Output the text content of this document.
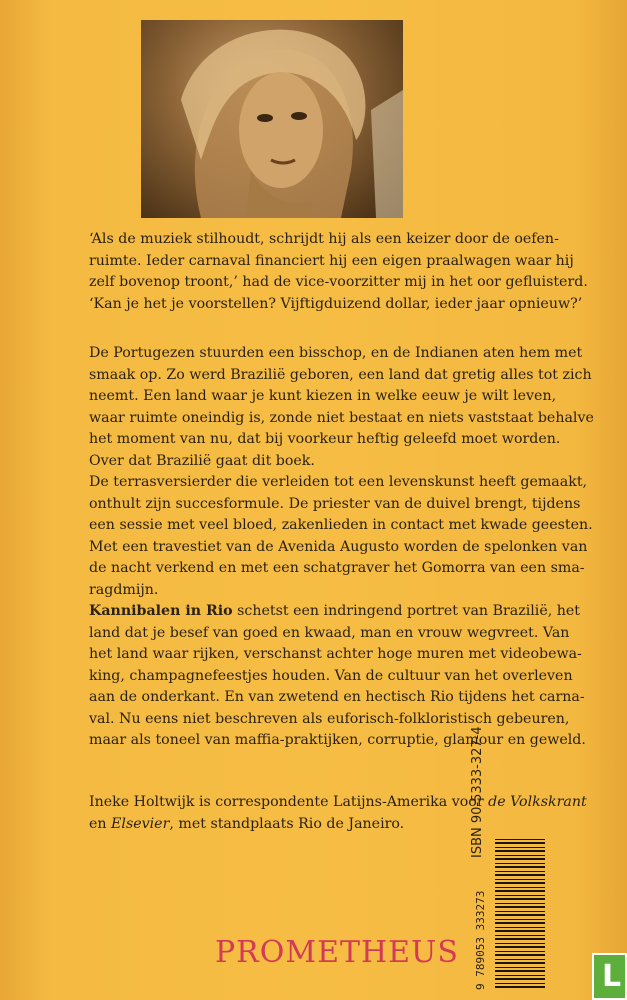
‘Als de muziek stilhoudt, schrijdt hij als een keizer door de oefen-
ruimte. Ieder carnaval financiert hij een eigen praalwagen waar hij
zelf bovenop troont,’ had de vice-voorzitter mij in het oor gefluisterd.
‘Kan je het je voorstellen? Vijftigduizend dollar, ieder jaar opnieuw?’
De Portugezen stuurden een bisschop, en de Indianen aten hem met
smaak op. Zo werd Brazilië geboren, een land dat gretig alles tot zich
neemt. Een land waar je kunt kiezen in welke eeuw je wilt leven,
waar ruimte oneindig is, zonde niet bestaat en niets vaststaat behalve
het moment van nu, dat bij voorkeur heftig geleefd moet worden.
Over dat Brazilië gaat dit boek.
De terrasversierder die verleiden tot een levenskunst heeft gemaakt,
onthult zijn succesformule. De priester van de duivel brengt, tijdens
een sessie met veel bloed, zakenlieden in contact met kwade geesten.
Met een travestiet van de Avenida Augusto worden de spelonken van
de nacht verkend en met een schatgraver het Gomorra van een sma-
ragdmijn.
Kannibalen in Rio schetst een indringend portret van Brazilië, het
land dat je besef van goed en kwaad, man en vrouw wegvreet. Van
het land waar rijken, verschanst achter hoge muren met videobewa-
king, champagnefeestjes houden. Van de cultuur van het overleven
aan de onderkant. En van zwetend en hectisch Rio tijdens het carna-
val. Nu eens niet beschreven als euforisch-folkloristisch gebeuren,
maar als toneel van maffia-praktijken, corruptie, glamour en geweld.
Ineke Holtwijk is correspondente Latijns-Amerika voor de Volkskrant
en Elsevier, met standplaats Rio de Janeiro.	ISBN 90-5333-327-4
9 789053 333273
PROMETHEUS
L
